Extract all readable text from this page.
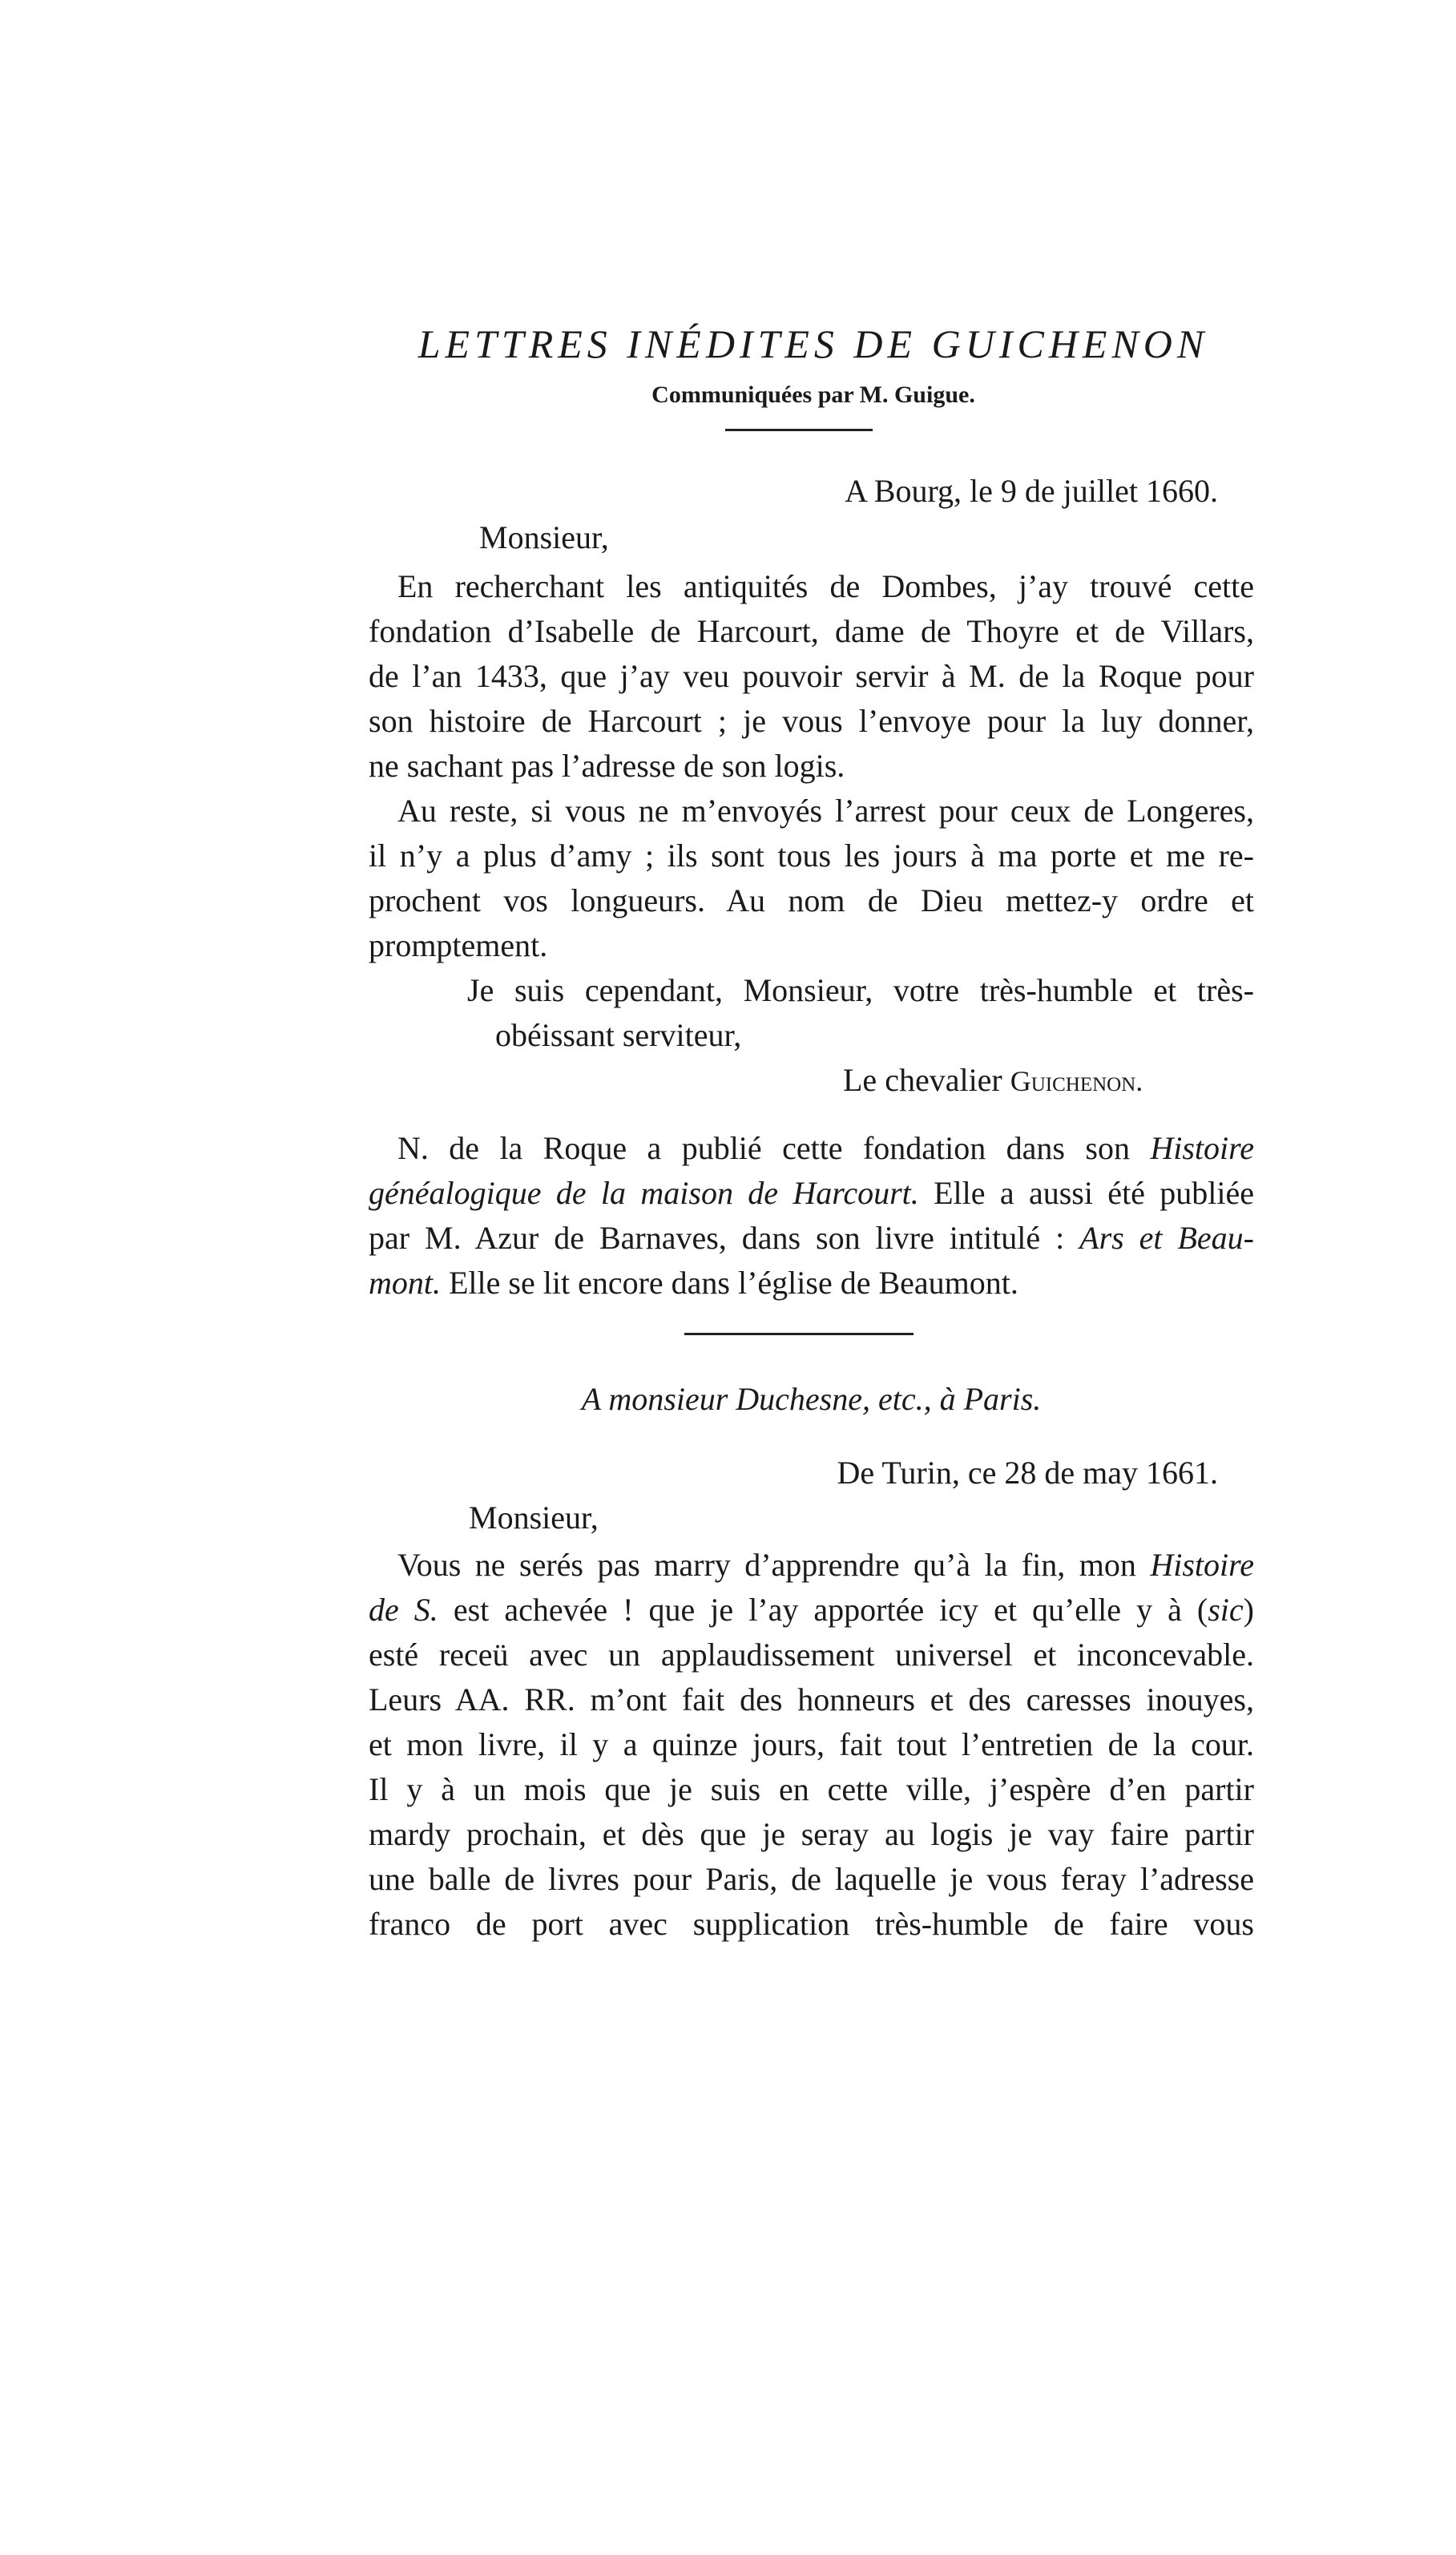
LETTRES INÉDITES DE GUICHENON
Communiquées par M. Guigue.
A Bourg, le 9 de juillet 1660.
Monsieur,
En recherchant les antiquités de Dombes, j’ay trouvé cette
fondation d’Isabelle de Harcourt, dame de Thoyre et de Villars,
de l’an 1433, que j’ay veu pouvoir servir à M. de la Roque pour
son histoire de Harcourt ; je vous l’envoye pour la luy donner,
ne sachant pas l’adresse de son logis.
Au reste, si vous ne m’envoyés l’arrest pour ceux de Longeres,
il n’y a plus d’amy ; ils sont tous les jours à ma porte et me re-
prochent vos longueurs. Au nom de Dieu mettez-y ordre et
promptement.
Je suis cependant, Monsieur, votre très-humble et très-
obéissant serviteur,
Le chevalier Guichenon.
N. de la Roque a publié cette fondation dans son Histoire
généalogique de la maison de Harcourt. Elle a aussi été publiée
par M. Azur de Barnaves, dans son livre intitulé : Ars et Beau-
mont. Elle se lit encore dans l’église de Beaumont.
A monsieur Duchesne, etc., à Paris.
De Turin, ce 28 de may 1661.
Monsieur,
Vous ne serés pas marry d’apprendre qu’à la fin, mon Histoire
de S. est achevée ! que je l’ay apportée icy et qu’elle y à (sic)
esté receü avec un applaudissement universel et inconcevable.
Leurs AA. RR. m’ont fait des honneurs et des caresses inouyes,
et mon livre, il y a quinze jours, fait tout l’entretien de la cour.
Il y à un mois que je suis en cette ville, j’espère d’en partir
mardy prochain, et dès que je seray au logis je vay faire partir
une balle de livres pour Paris, de laquelle je vous feray l’adresse
franco de port avec supplication très-humble de faire vous
